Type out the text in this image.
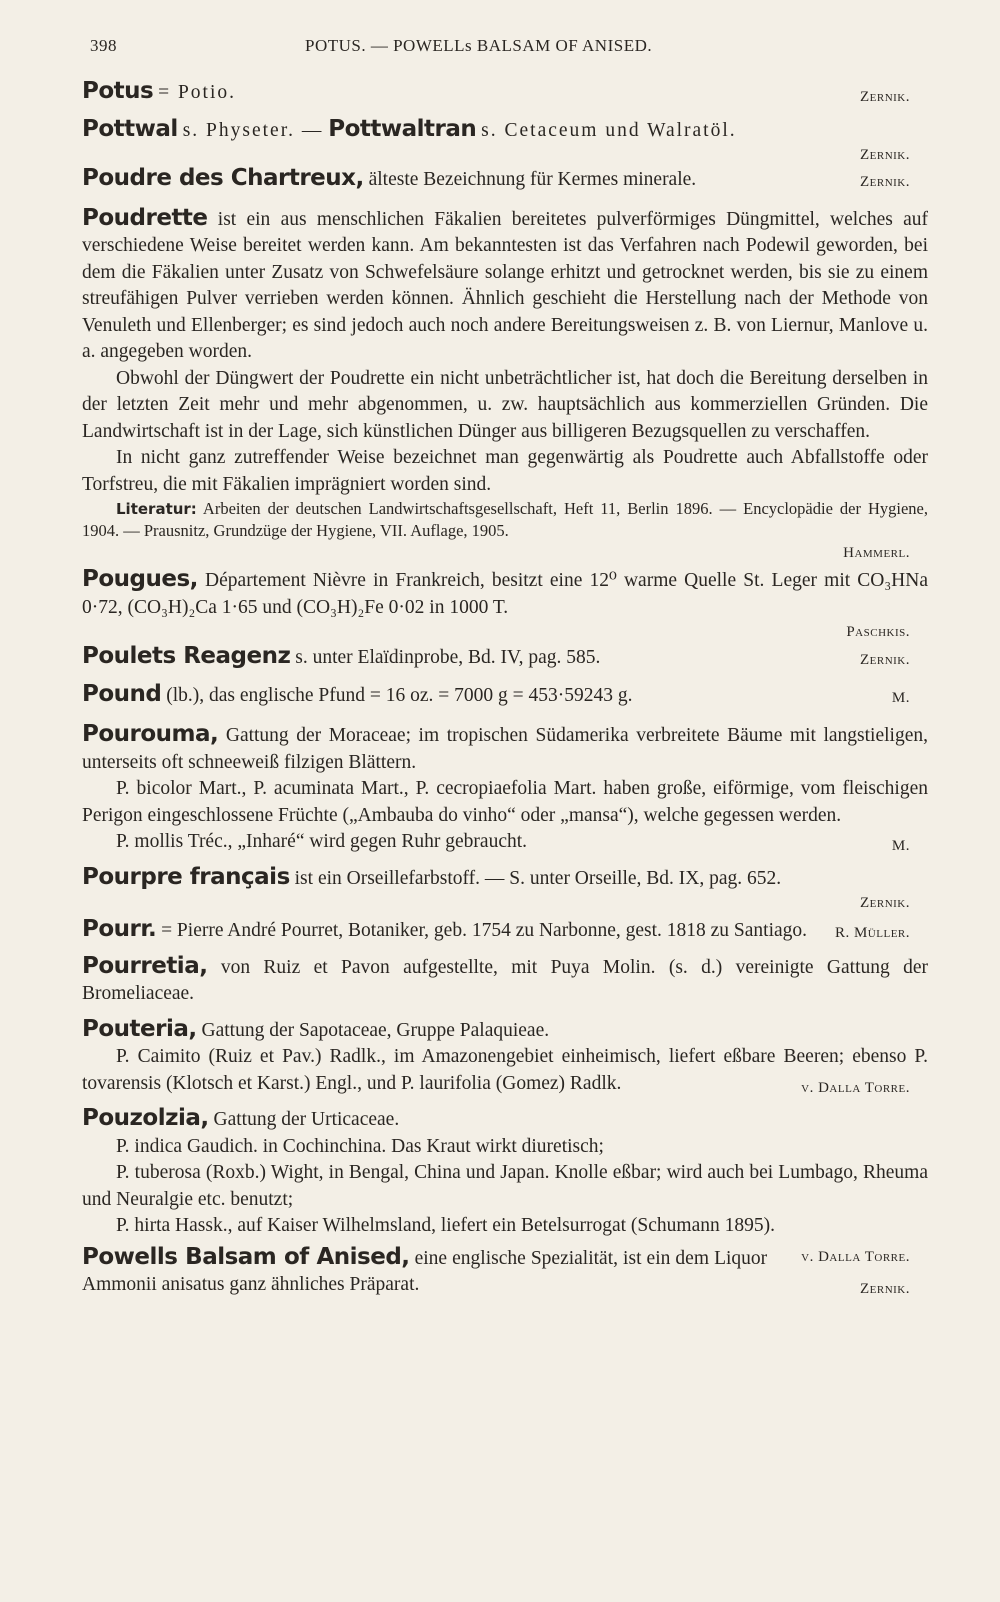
398	POTUS. — POWELLs BALSAM OF ANISED.
Potus = Potio.	Zernik.
Pottwal s. Physeter. — Pottwaltran s. Cetaceum und Walratöl.
Zernik.
Poudre des Chartreux, älteste Bezeichnung für Kermes minerale.	Zernik.

Poudrette ist ein aus menschlichen Fäkalien bereitetes pulverförmiges Düngmittel, welches auf verschiedene Weise bereitet werden kann. Am bekanntesten ist das Verfahren nach Podewil geworden, bei dem die Fäkalien unter Zusatz von Schwefelsäure solange erhitzt und getrocknet werden, bis sie zu einem streufähigen Pulver verrieben werden können. Ähnlich geschieht die Herstellung nach der Methode von Venuleth und Ellenberger; es sind jedoch auch noch andere Bereitungsweisen z. B. von Liernur, Manlove u. a. angegeben worden.

Obwohl der Düngwert der Poudrette ein nicht unbeträchtlicher ist, hat doch die Bereitung derselben in der letzten Zeit mehr und mehr abgenommen, u. zw. hauptsächlich aus kommerziellen Gründen. Die Landwirtschaft ist in der Lage, sich künstlichen Dünger aus billigeren Bezugsquellen zu verschaffen.

In nicht ganz zutreffender Weise bezeichnet man gegenwärtig als Poudrette auch Abfallstoffe oder Torfstreu, die mit Fäkalien imprägniert worden sind.

Literatur: Arbeiten der deutschen Landwirtschaftsgesellschaft, Heft 11, Berlin 1896. — Encyclopädie der Hygiene, 1904. — Prausnitz, Grundzüge der Hygiene, VII. Auflage, 1905.

Hammerl.

Pougues, Département Nièvre in Frankreich, besitzt eine 12⁰ warme Quelle St. Leger mit CO₃HNa 0·72, (CO₃H)₂Ca 1·65 und (CO₃H)₂Fe 0·02 in 1000 T.

Paschkis.
Poulets Reagenz s. unter Elaïdinprobe, Bd. IV, pag. 585.	Zernik.
Pound (lb.), das englische Pfund = 16 oz. = 7000 g = 453·59243 g.	M.

Pourouma, Gattung der Moraceae; im tropischen Südamerika verbreitete Bäume mit langstieligen, unterseits oft schneeweiß filzigen Blättern.

P. bicolor Mart., P. acuminata Mart., P. cecropiaefolia Mart. haben große, eiförmige, vom fleischigen Perigon eingeschlossene Früchte („Ambauba do vinho“ oder „mansa“), welche gegessen werden.

P. mollis Tréc., „Inharé“ wird gegen Ruhr gebraucht.	M.

Pourpre français ist ein Orseillefarbstoff. — S. unter Orseille, Bd. IX, pag. 652.

Zernik.

Pourr. = Pierre André Pourret, Botaniker, geb. 1754 zu Narbonne, gest. 1818 zu Santiago. R. Müller.

Pourretia, von Ruiz et Pavon aufgestellte, mit Puya Molin. (s. d.) vereinigte Gattung der Bromeliaceae.

Pouteria, Gattung der Sapotaceae, Gruppe Palaquieae.

P. Caimito (Ruiz et Pav.) Radlk., im Amazonengebiet einheimisch, liefert eßbare Beeren; ebenso P. tovarensis (Klotsch et Karst.) Engl., und P. laurifolia (Gomez) Radlk.	v. Dalla Torre.

Pouzolzia, Gattung der Urticaceae.

P. indica Gaudich. in Cochinchina. Das Kraut wirkt diuretisch;

P. tuberosa (Roxb.) Wight, in Bengal, China und Japan. Knolle eßbar; wird auch bei Lumbago, Rheuma und Neuralgie etc. benutzt;

P. hirta Hassk., auf Kaiser Wilhelmsland, liefert ein Betelsurrogat (Schumann 1895).
v. Dalla Torre.

Powells Balsam of Anised, eine englische Spezialität, ist ein dem Liquor Ammonii anisatus ganz ähnliches Präparat.	Zernik.
